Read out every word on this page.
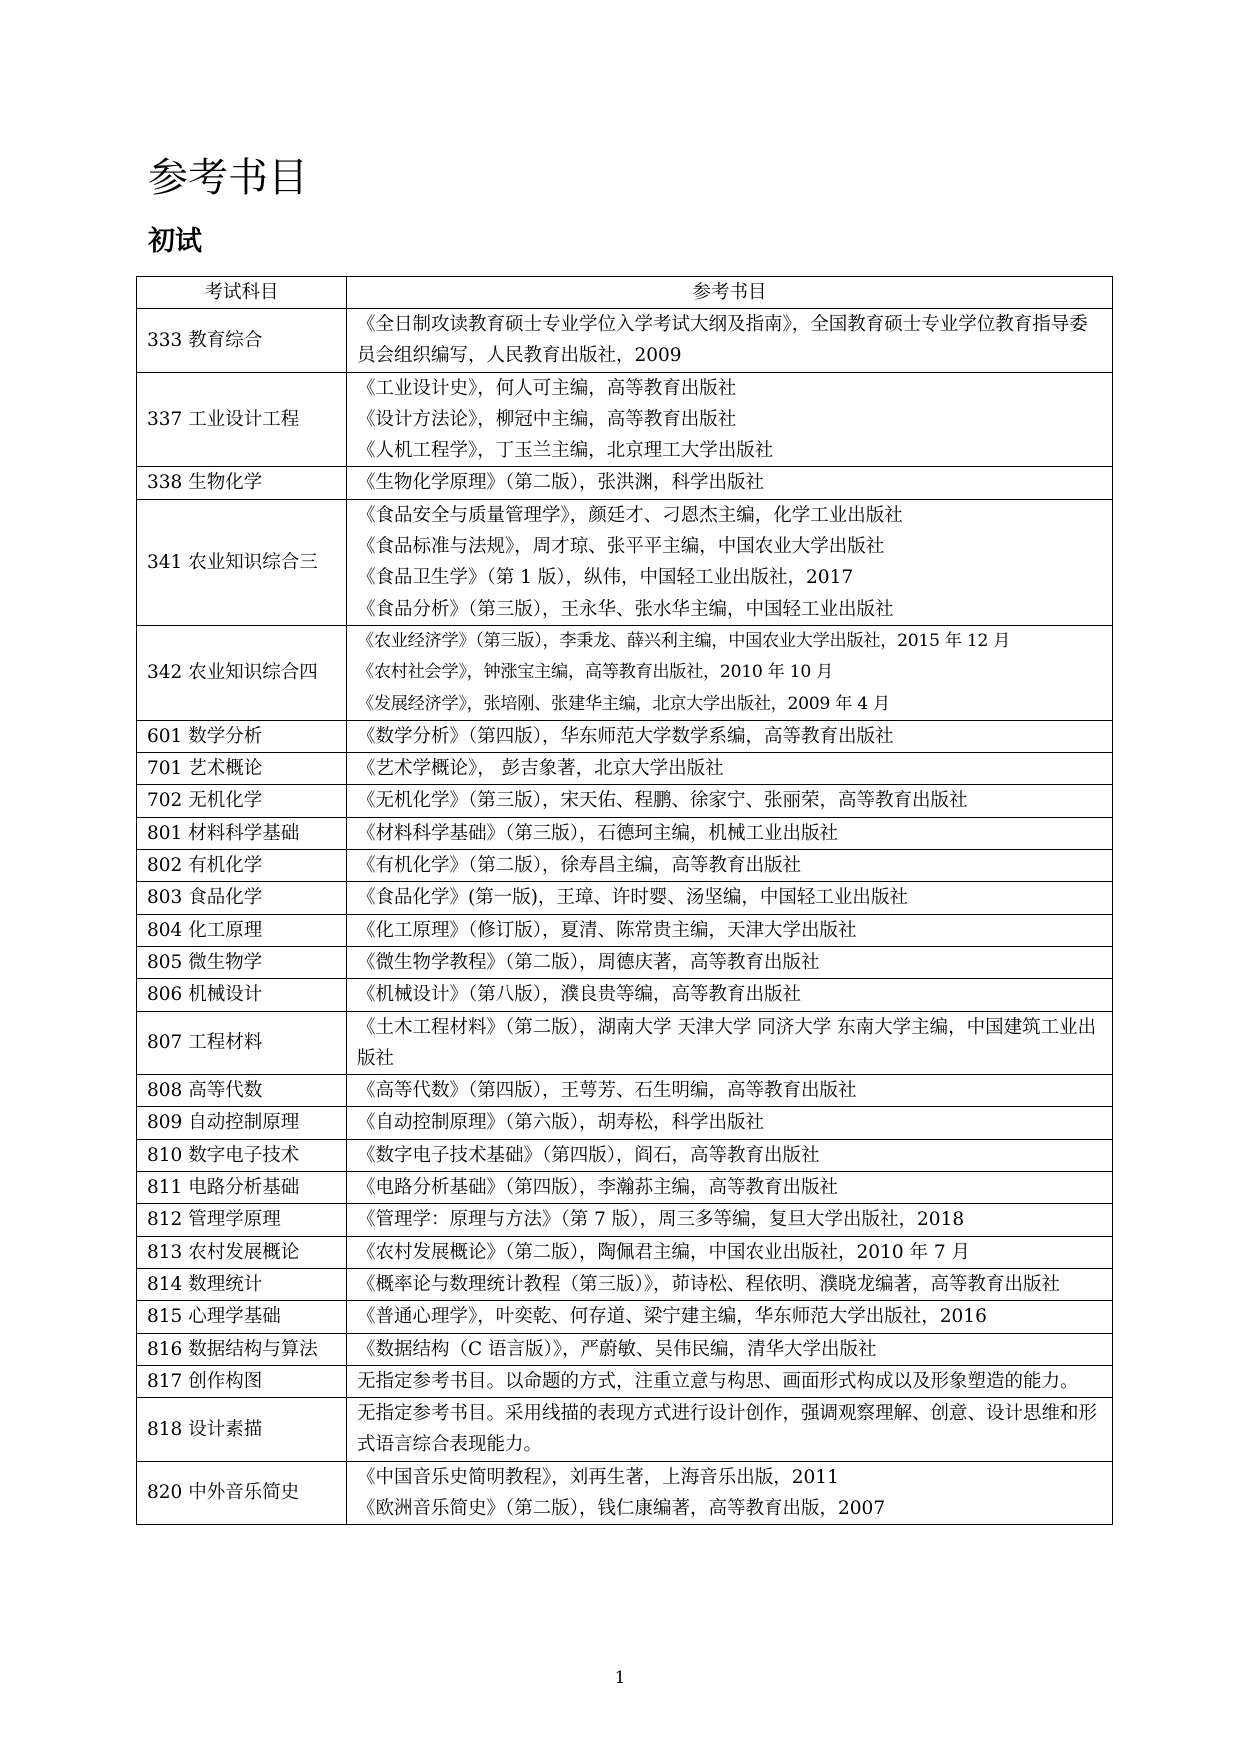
参考书目
初试
考试科目	参考书目
333 教育综合	《全日制攻读教育硕士专业学位入学考试大纲及指南》，全国教育硕士专业学位教育指导委员会组织编写，人民教育出版社，2009

337 工业设计工程	《工业设计史》，何人可主编，高等教育出版社
《设计方法论》，柳冠中主编，高等教育出版社
《人机工程学》，丁玉兰主编，北京理工大学出版社

338 生物化学	《生物化学原理》（第二版），张洪渊，科学出版社

341 农业知识综合三	《食品安全与质量管理学》，颜廷才、刁恩杰主编，化学工业出版社
《食品标准与法规》，周才琼、张平平主编，中国农业大学出版社
《食品卫生学》（第 1 版），纵伟，中国轻工业出版社，2017
《食品分析》（第三版），王永华、张水华主编，中国轻工业出版社

342 农业知识综合四	《农业经济学》（第三版），李秉龙、薛兴利主编，中国农业大学出版社，2015 年 12 月
《农村社会学》，钟涨宝主编，高等教育出版社，2010 年 10 月
《发展经济学》，张培刚、张建华主编，北京大学出版社，2009 年 4 月

601 数学分析	《数学分析》（第四版），华东师范大学数学系编，高等教育出版社

701 艺术概论	《艺术学概论》， 彭吉象著，北京大学出版社

702 无机化学	《无机化学》（第三版），宋天佑、程鹏、徐家宁、张丽荣，高等教育出版社

801 材料科学基础	《材料科学基础》（第三版），石德珂主编，机械工业出版社

802 有机化学	《有机化学》（第二版），徐寿昌主编，高等教育出版社

803 食品化学	《食品化学》(第一版)，王璋、许时婴、汤坚编，中国轻工业出版社

804 化工原理	《化工原理》（修订版），夏清、陈常贵主编，天津大学出版社

805 微生物学	《微生物学教程》（第二版），周德庆著，高等教育出版社

806 机械设计	《机械设计》（第八版），濮良贵等编，高等教育出版社

807 工程材料	《土木工程材料》（第二版），湖南大学 天津大学 同济大学 东南大学主编，中国建筑工业出版社

808 高等代数	《高等代数》（第四版），王萼芳、石生明编，高等教育出版社

809 自动控制原理	《自动控制原理》（第六版），胡寿松，科学出版社

810 数字电子技术	《数字电子技术基础》（第四版），阎石，高等教育出版社

811 电路分析基础	《电路分析基础》（第四版），李瀚荪主编，高等教育出版社

812 管理学原理	《管理学：原理与方法》（第 7 版），周三多等编，复旦大学出版社，2018

813 农村发展概论	《农村发展概论》（第二版），陶佩君主编，中国农业出版社，2010 年 7 月

814 数理统计	《概率论与数理统计教程（第三版）》，茆诗松、程依明、濮晓龙编著，高等教育出版社

815 心理学基础	《普通心理学》，叶奕乾、何存道、梁宁建主编，华东师范大学出版社，2016

816 数据结构与算法	《数据结构（C 语言版）》，严蔚敏、吴伟民编，清华大学出版社

817 创作构图	无指定参考书目。以命题的方式，注重立意与构思、画面形式构成以及形象塑造的能力。

818 设计素描	无指定参考书目。采用线描的表现方式进行设计创作，强调观察理解、创意、设计思维和形式语言综合表现能力。

820 中外音乐简史	《中国音乐史简明教程》，刘再生著，上海音乐出版，2011
《欧洲音乐简史》（第二版），钱仁康编著，高等教育出版，2007
1
